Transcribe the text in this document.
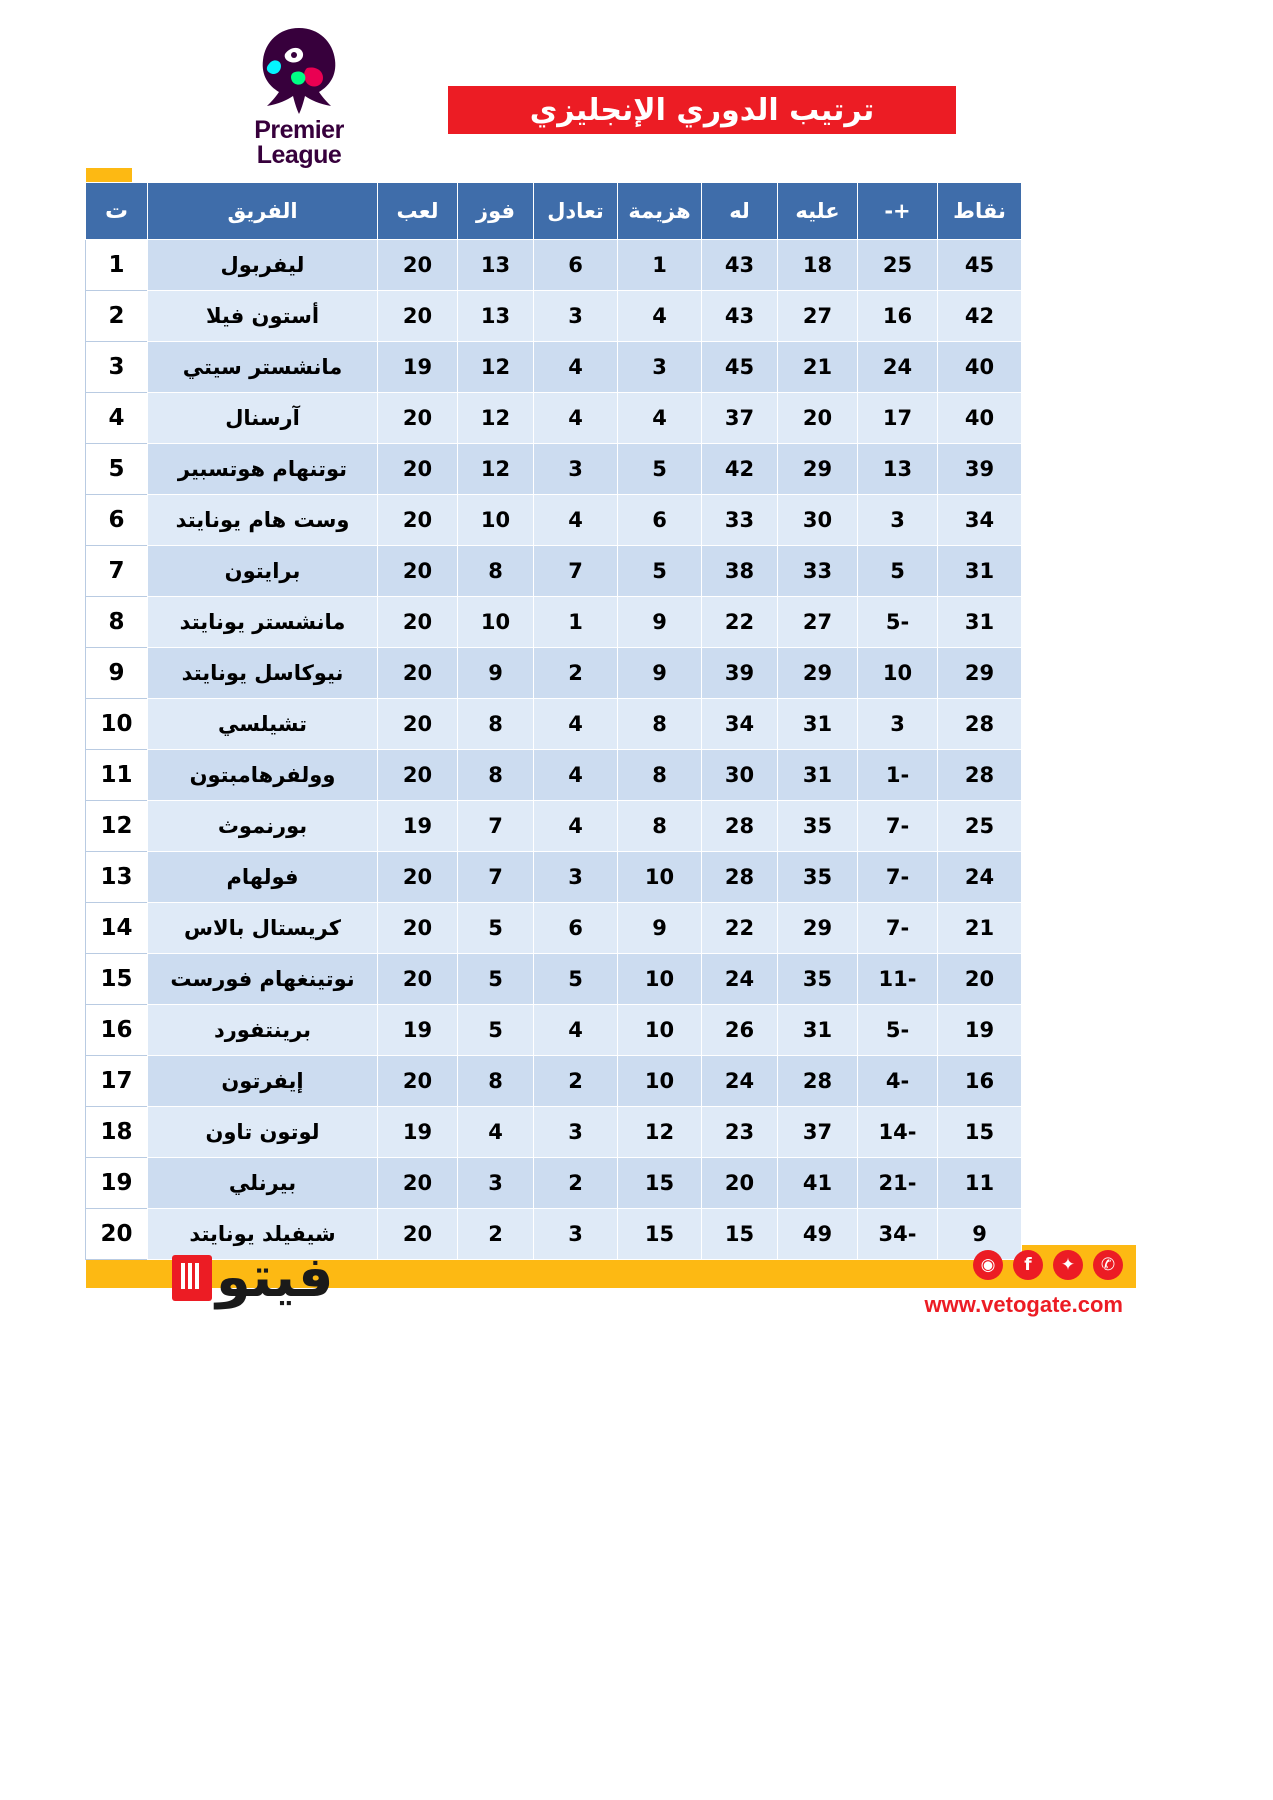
Premier
League
ترتيب الدوري الإنجليزي
نقاط	+-	عليه	له	هزيمة	تعادل	فوز	لعب	الفريق	ت
45	25	18	43	1	6	13	20	ليفربول	1
42	16	27	43	4	3	13	20	أستون فيلا	2
40	24	21	45	3	4	12	19	مانشستر سيتي	3
40	17	20	37	4	4	12	20	آرسنال	4
39	13	29	42	5	3	12	20	توتنهام هوتسبير	5
34	3	30	33	6	4	10	20	وست هام يونايتد	6
31	5	33	38	5	7	8	20	برايتون	7
31	-5	27	22	9	1	10	20	مانشستر يونايتد	8
29	10	29	39	9	2	9	20	نيوكاسل يونايتد	9
28	3	31	34	8	4	8	20	تشيلسي	10
28	-1	31	30	8	4	8	20	وولفرهامبتون	11
25	-7	35	28	8	4	7	19	بورنموث	12
24	-7	35	28	10	3	7	20	فولهام	13
21	-7	29	22	9	6	5	20	كريستال بالاس	14
20	-11	35	24	10	5	5	20	نوتينغهام فورست	15
19	-5	31	26	10	4	5	19	برينتفورد	16
16	-4	28	24	10	2	8	20	إيفرتون	17
15	-14	37	23	12	3	4	19	لوتون تاون	18
11	-21	41	20	15	2	3	20	بيرنلي	19
9	-34	49	15	15	3	2	20	شيفيلد يونايتد	20
فيتو	◉	f	✦	✆
www.vetogate.com
